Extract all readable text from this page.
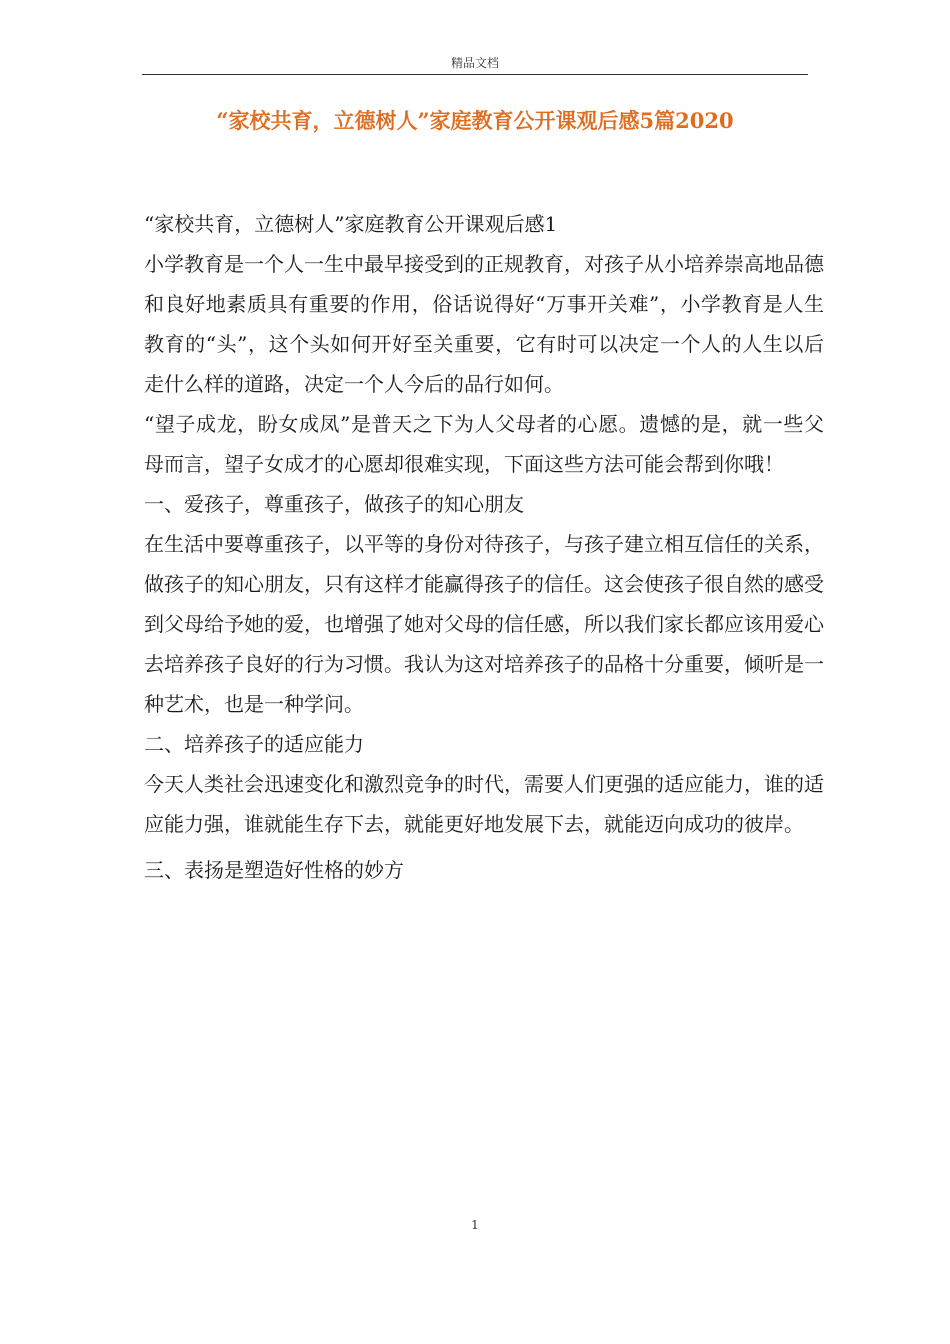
精品文档
“家校共育，立德树人”家庭教育公开课观后感5篇2020

“家校共育，立德树人”家庭教育公开课观后感1

小学教育是一个人一生中最早接受到的正规教育，对孩子从小培养崇高地品德和良好地素质具有重要的作用，俗话说得好“万事开关难”，小学教育是人生教育的“头”，这个头如何开好至关重要，它有时可以决定一个人的人生以后走什么样的道路，决定一个人今后的品行如何。

“望子成龙，盼女成凤”是普天之下为人父母者的心愿。遗憾的是，就一些父母而言，望子女成才的心愿却很难实现，下面这些方法可能会帮到你哦！

一、爱孩子，尊重孩子，做孩子的知心朋友

在生活中要尊重孩子，以平等的身份对待孩子，与孩子建立相互信任的关系，做孩子的知心朋友，只有这样才能赢得孩子的信任。这会使孩子很自然的感受到父母给予她的爱，也增强了她对父母的信任感，所以我们家长都应该用爱心去培养孩子良好的行为习惯。我认为这对培养孩子的品格十分重要，倾听是一种艺术，也是一种学问。

二、培养孩子的适应能力

今天人类社会迅速变化和激烈竞争的时代，需要人们更强的适应能力，谁的适应能力强，谁就能生存下去，就能更好地发展下去，就能迈向成功的彼岸。

三、表扬是塑造好性格的妙方

1
